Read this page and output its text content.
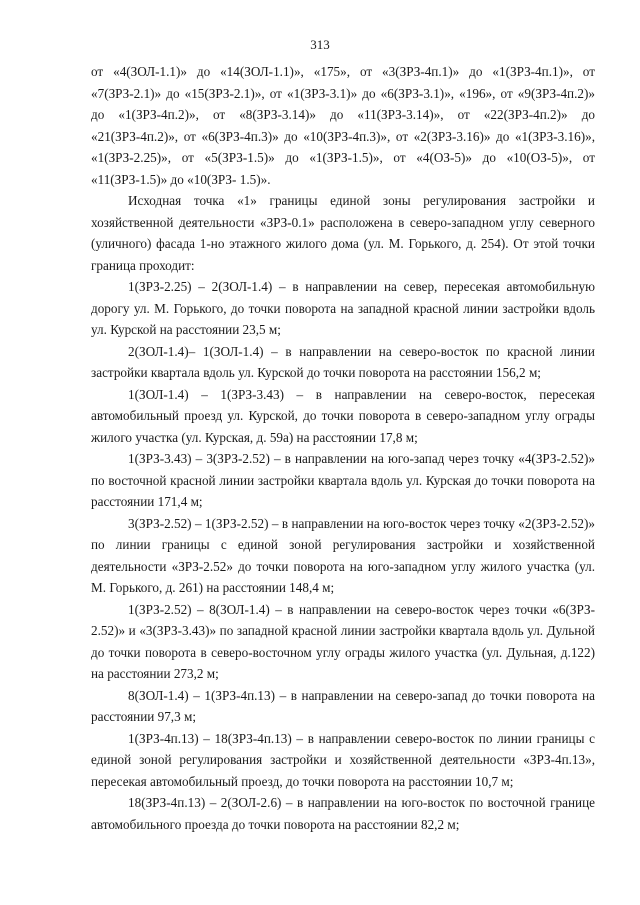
313

от «4(ЗОЛ-1.1)» до «14(ЗОЛ-1.1)», «175», от «3(ЗРЗ-4п.1)» до «1(ЗРЗ-4п.1)», от «7(ЗРЗ-2.1)» до «15(ЗРЗ-2.1)», от «1(ЗРЗ-3.1)» до «6(ЗРЗ-3.1)», «196», от «9(ЗРЗ-4п.2)» до «1(ЗРЗ-4п.2)», от «8(ЗРЗ-3.14)» до «11(ЗРЗ-3.14)», от «22(ЗРЗ-4п.2)» до «21(ЗРЗ-4п.2)», от «6(ЗРЗ-4п.3)» до «10(ЗРЗ-4п.3)», от «2(ЗРЗ-3.16)» до «1(ЗРЗ-3.16)», «1(ЗРЗ-2.25)», от «5(ЗРЗ-1.5)» до «1(ЗРЗ-1.5)», от «4(ОЗ-5)» до «10(ОЗ-5)», от «11(ЗРЗ-1.5)» до «10(ЗРЗ- 1.5)».

Исходная точка «1» границы единой зоны регулирования застройки и хозяйственной деятельности «ЗРЗ-0.1» расположена в северо-западном углу северного (уличного) фасада 1-но этажного жилого дома (ул. М. Горького, д. 254). От этой точки граница проходит:

1(ЗРЗ-2.25) – 2(ЗОЛ-1.4) – в направлении на север, пересекая автомобильную дорогу ул. М. Горького, до точки поворота на западной красной линии застройки вдоль ул. Курской на расстоянии 23,5 м;

2(ЗОЛ-1.4)– 1(ЗОЛ-1.4) – в направлении на северо-восток по красной линии застройки квартала вдоль ул. Курской до точки поворота на расстоянии 156,2 м;

1(ЗОЛ-1.4) – 1(ЗРЗ-3.43) – в направлении на северо-восток, пересекая автомобильный проезд ул. Курской, до точки поворота в северо-западном углу ограды жилого участка (ул. Курская, д. 59а) на расстоянии 17,8 м;

1(ЗРЗ-3.43) – 3(ЗРЗ-2.52) – в направлении на юго-запад через точку «4(ЗРЗ-2.52)» по восточной красной линии застройки квартала вдоль ул. Курская до точки поворота на расстоянии 171,4 м;

3(ЗРЗ-2.52) – 1(ЗРЗ-2.52) – в направлении на юго-восток через точку «2(ЗРЗ-2.52)» по линии границы с единой зоной регулирования застройки и хозяйственной деятельности «ЗРЗ-2.52» до точки поворота на юго-западном углу жилого участка (ул. М. Горького, д. 261) на расстоянии 148,4 м;

1(ЗРЗ-2.52) – 8(ЗОЛ-1.4) – в направлении на северо-восток через точки «6(ЗРЗ- 2.52)» и «3(ЗРЗ-3.43)» по западной красной линии застройки квартала вдоль ул. Дульной до точки поворота в северо-восточном углу ограды жилого участка (ул. Дульная, д.122) на расстоянии 273,2 м;

8(ЗОЛ-1.4) – 1(ЗРЗ-4п.13) – в направлении на северо-запад до точки поворота на расстоянии 97,3 м;

1(ЗРЗ-4п.13) – 18(ЗРЗ-4п.13) – в направлении северо-восток по линии границы с единой зоной регулирования застройки и хозяйственной деятельности «ЗРЗ-4п.13», пересекая автомобильный проезд, до точки поворота на расстоянии 10,7 м;

18(ЗРЗ-4п.13) – 2(ЗОЛ-2.6) – в направлении на юго-восток по восточной границе автомобильного проезда до точки поворота на расстоянии 82,2 м;
